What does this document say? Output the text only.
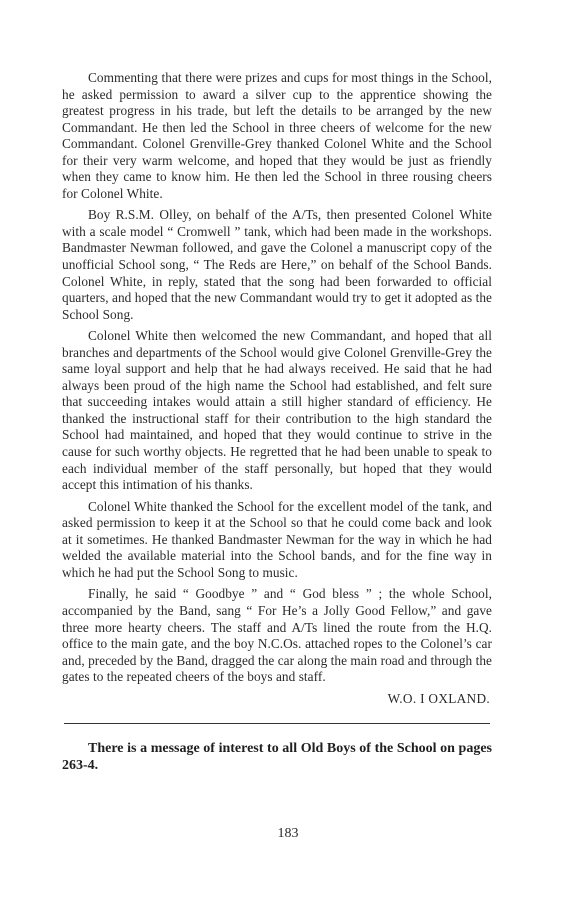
Commenting that there were prizes and cups for most things in the School, he asked permission to award a silver cup to the apprentice showing the greatest progress in his trade, but left the details to be arranged by the new Commandant. He then led the School in three cheers of welcome for the new Commandant. Colonel Grenville-Grey thanked Colonel White and the School for their very warm welcome, and hoped that they would be just as friendly when they came to know him. He then led the School in three rousing cheers for Colonel White.

Boy R.S.M. Olley, on behalf of the A/Ts, then presented Colonel White with a scale model “ Cromwell ” tank, which had been made in the workshops. Bandmaster Newman followed, and gave the Colonel a manuscript copy of the unofficial School song, “ The Reds are Here,” on behalf of the School Bands. Colonel White, in reply, stated that the song had been forwarded to official quarters, and hoped that the new Commandant would try to get it adopted as the School Song.

Colonel White then welcomed the new Commandant, and hoped that all branches and departments of the School would give Colonel Grenville-Grey the same loyal support and help that he had always received. He said that he had always been proud of the high name the School had established, and felt sure that succeeding intakes would attain a still higher standard of efficiency. He thanked the instructional staff for their contribution to the high standard the School had maintained, and hoped that they would continue to strive in the cause for such worthy objects. He regretted that he had been unable to speak to each individual member of the staff personally, but hoped that they would accept this intimation of his thanks.

Colonel White thanked the School for the excellent model of the tank, and asked permission to keep it at the School so that he could come back and look at it sometimes. He thanked Bandmaster Newman for the way in which he had welded the available material into the School bands, and for the fine way in which he had put the School Song to music.

Finally, he said “ Goodbye ” and “ God bless ” ; the whole School, accompanied by the Band, sang “ For He’s a Jolly Good Fellow,” and gave three more hearty cheers. The staff and A/Ts lined the route from the H.Q. office to the main gate, and the boy N.C.Os. attached ropes to the Colonel’s car and, preceded by the Band, dragged the car along the main road and through the gates to the repeated cheers of the boys and staff.

W.O. I OXLAND.

There is a message of interest to all Old Boys of the School on pages 263-4.

183
